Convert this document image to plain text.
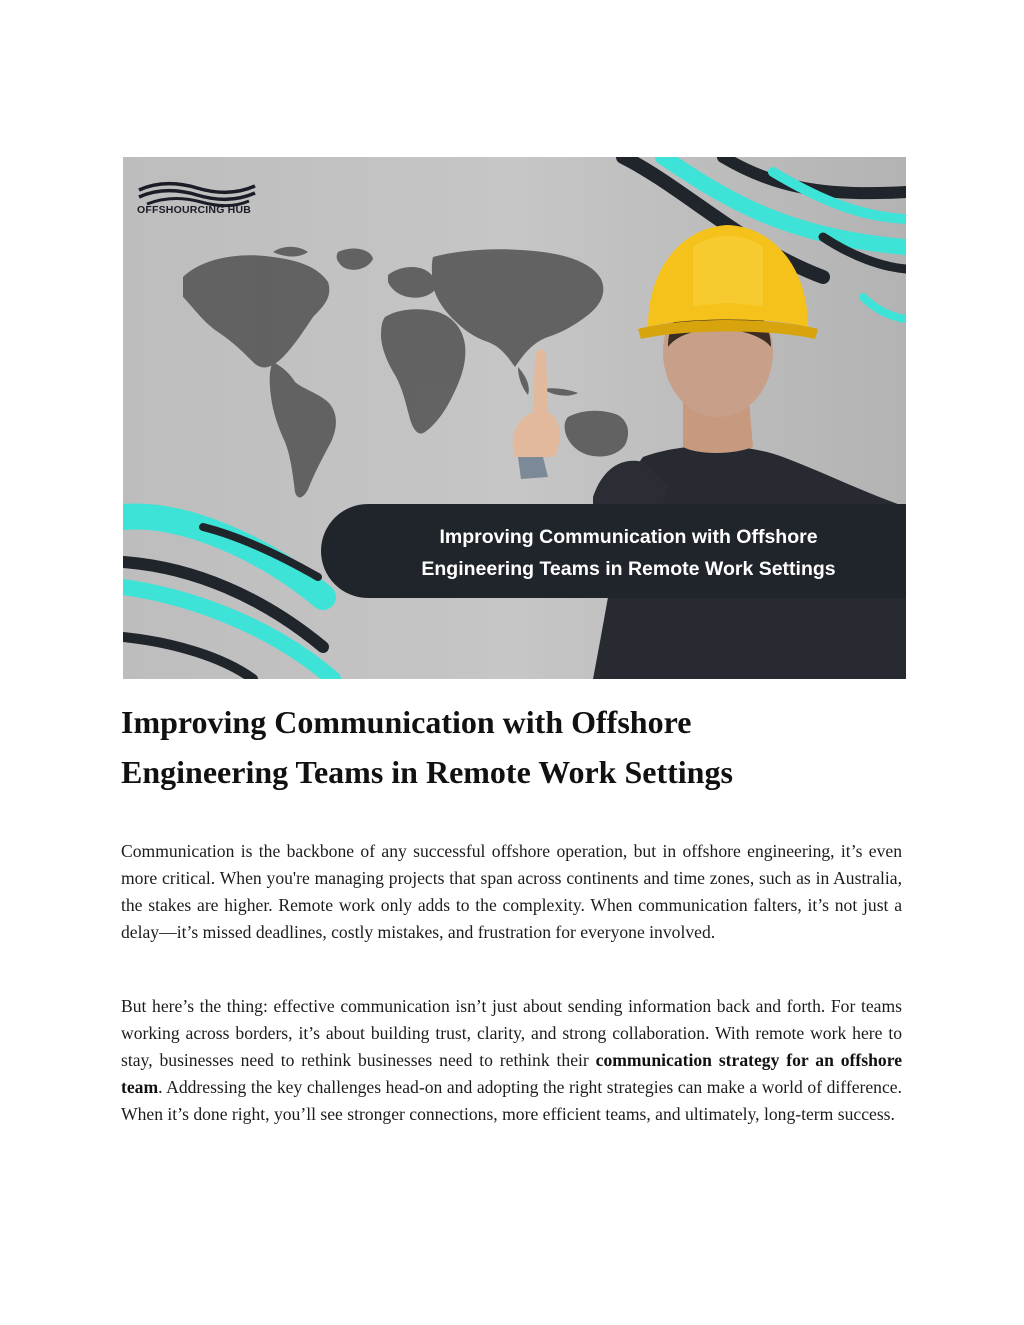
OFFSHOURCING HUB
Improving Communication with Offshore
Engineering Teams in Remote Work Settings
Improving Communication with Offshore
Engineering Teams in Remote Work Settings

Communication is the backbone of any successful offshore operation, but in offshore engineering, it’s even more critical. When you're managing projects that span across continents and time zones, such as in Australia, the stakes are higher. Remote work only adds to the complexity. When communication falters, it’s not just a delay—it’s missed deadlines, costly mistakes, and frustration for everyone involved.

But here’s the thing: effective communication isn’t just about sending information back and forth. For teams working across borders, it’s about building trust, clarity, and strong collaboration. With remote work here to stay, businesses need to rethink businesses need to rethink their communication strategy for an offshore team. Addressing the key challenges head-on and adopting the right strategies can make a world of difference. When it’s done right, you’ll see stronger connections, more efficient teams, and ultimately, long-term success.
